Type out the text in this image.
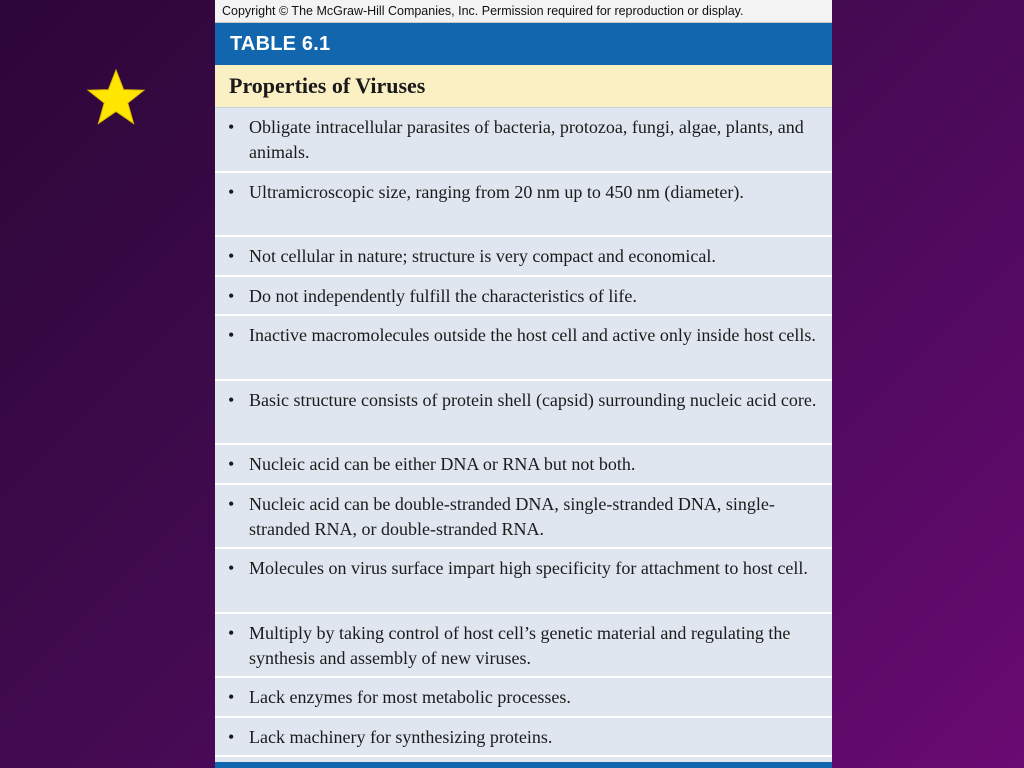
Copyright © The McGraw-Hill Companies, Inc. Permission required for reproduction or display.
TABLE 6.1
Properties of Viruses
• Obligate intracellular parasites of bacteria, protozoa, fungi, algae, plants, and animals.
• Ultramicroscopic size, ranging from 20 nm up to 450 nm (diameter).
• Not cellular in nature; structure is very compact and economical.
• Do not independently fulfill the characteristics of life.
• Inactive macromolecules outside the host cell and active only inside host cells.
• Basic structure consists of protein shell (capsid) surrounding nucleic acid core.
• Nucleic acid can be either DNA or RNA but not both.
• Nucleic acid can be double-stranded DNA, single-stranded DNA, single-stranded RNA, or double-stranded RNA.
• Molecules on virus surface impart high specificity for attachment to host cell.
• Multiply by taking control of host cell’s genetic material and regulating the synthesis and assembly of new viruses.
• Lack enzymes for most metabolic processes.
• Lack machinery for synthesizing proteins.
